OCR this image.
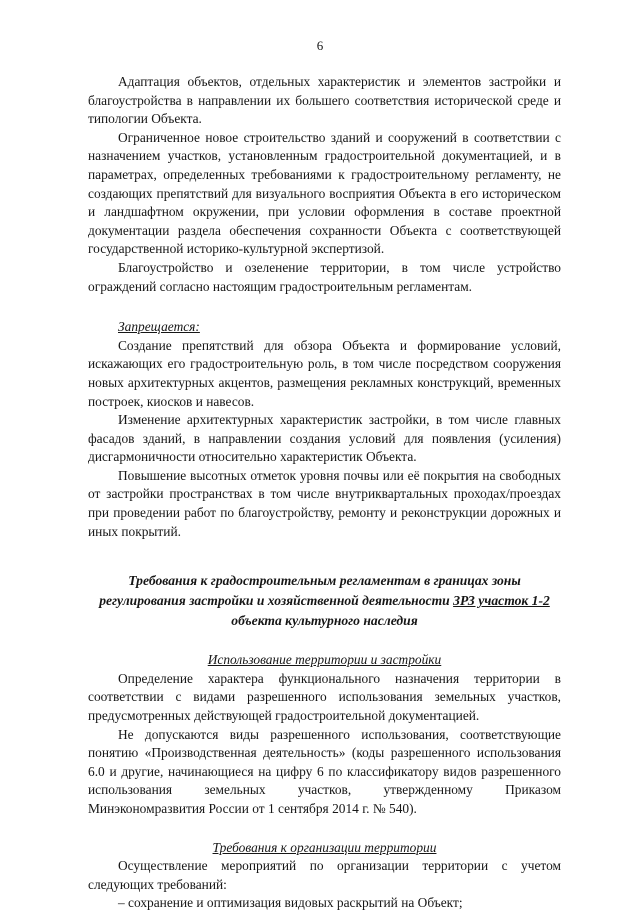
6

Адаптация объектов, отдельных характеристик и элементов застройки и благоустройства в направлении их большего соответствия исторической среде и типологии Объекта.

Ограниченное новое строительство зданий и сооружений в соответствии с назначением участков, установленным градостроительной документацией, и в параметрах, определенных требованиями к градостроительному регламенту, не создающих препятствий для визуального восприятия Объекта в его историческом и ландшафтном окружении, при условии оформления в составе проектной документации раздела обеспечения сохранности Объекта с соответствующей государственной историко-культурной экспертизой.

Благоустройство и озеленение территории, в том числе устройство ограждений согласно настоящим градостроительным регламентам.

Запрещается:

Создание препятствий для обзора Объекта и формирование условий, искажающих его градостроительную роль, в том числе посредством сооружения новых архитектурных акцентов, размещения рекламных конструкций, временных построек, киосков и навесов.

Изменение архитектурных характеристик застройки, в том числе главных фасадов зданий, в направлении создания условий для появления (усиления) дисгармоничности относительно характеристик Объекта.

Повышение высотных отметок уровня почвы или её покрытия на свободных от застройки пространствах в том числе внутриквартальных проходах/проездах при проведении работ по благоустройству, ремонту и реконструкции дорожных и иных покрытий.

Требования к градостроительным регламентам в границах зоны
регулирования застройки и хозяйственной деятельности ЗРЗ участок 1-2
объекта культурного наследия
Использование территории и застройки

Определение характера функционального назначения территории в соответствии с видами разрешенного использования земельных участков, предусмотренных действующей градостроительной документацией.

Не допускаются виды разрешенного использования, соответствующие понятию «Производственная деятельность» (коды разрешенного использования 6.0 и другие, начинающиеся на цифру 6 по классификатору видов разрешенного использования земельных участков, утвержденному Приказом Минэкономразвития России от 1 сентября 2014 г. № 540).

Требования к организации территории

Осуществление мероприятий по организации территории с учетом следующих требований:

– сохранение и оптимизация видовых раскрытий на Объект;
